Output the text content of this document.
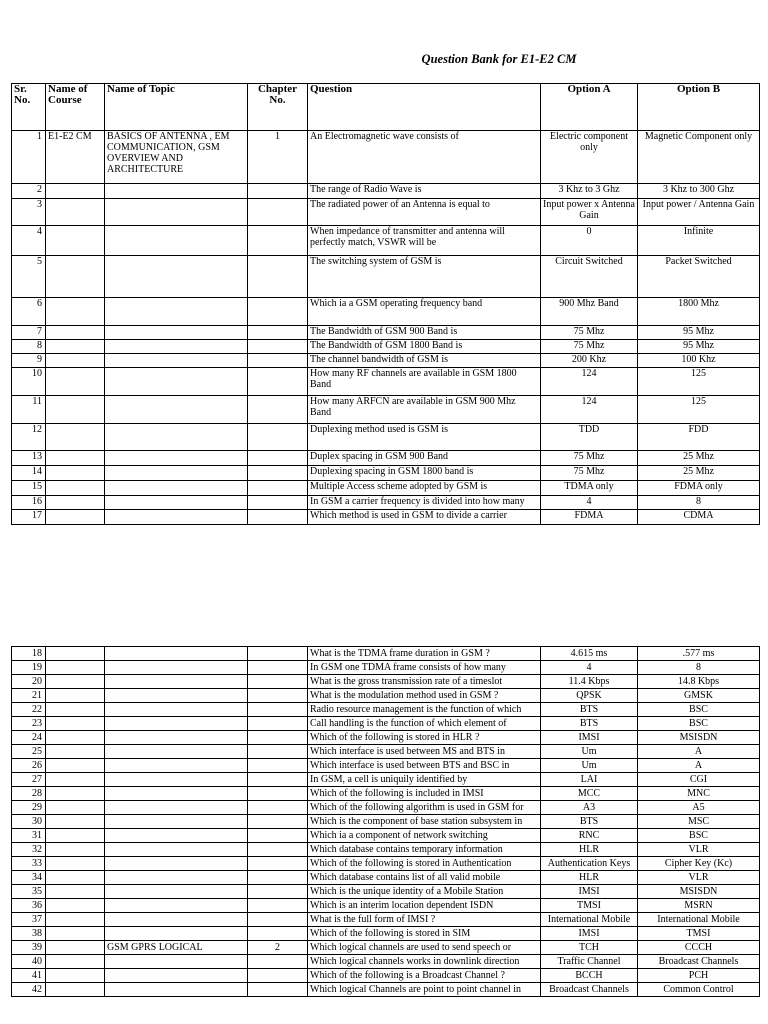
Question Bank for E1-E2 CM
Sr. No.	Name of Course	Name of Topic	Chapter No.	Question	Option A	Option B
1	E1-E2 CM	BASICS OF ANTENNA , EM COMMUNICATION, GSM OVERVIEW AND ARCHITECTURE	1	An Electromagnetic wave consists of	Electric component only	Magnetic Component only
2				The range of Radio Wave is	3 Khz to 3 Ghz	3 Khz to 300 Ghz
3				The radiated power of an Antenna is equal to	Input power x Antenna Gain	Input power / Antenna Gain
4				When impedance of transmitter and antenna will perfectly match, VSWR will be	0	Infinite
5				The switching system of GSM is	Circuit Switched	Packet Switched
6				Which ia a GSM operating frequency band	900 Mhz Band	1800 Mhz
7				The Bandwidth of GSM 900 Band is	75 Mhz	95 Mhz
8				The Bandwidth of GSM 1800 Band is	75 Mhz	95 Mhz
9				The channel bandwidth of GSM is	200 Khz	100 Khz
10				How many RF channels are available in GSM 1800 Band	124	125
11				How many ARFCN are available in GSM 900 Mhz Band	124	125
12				Duplexing method used is GSM is	TDD	FDD
13				Duplex spacing in GSM 900 Band	75 Mhz	25 Mhz
14				Duplexing spacing in GSM 1800 band is	75 Mhz	25 Mhz
15				Multiple Access scheme adopted by GSM is	TDMA only	FDMA only
16				In GSM a carrier frequency is divided into how many	4	8
17				Which method is used in GSM to divide a carrier	FDMA	CDMA
18				What is the TDMA frame duration in GSM ?	4.615 ms	.577 ms
19				In GSM one TDMA frame consists of how many	4	8
20				What is the gross transmission rate of a timeslot	11.4 Kbps	14.8 Kbps
21				What is the modulation method used in GSM ?	QPSK	GMSK
22				Radio resource management is the function of which	BTS	BSC
23				Call handling is the function of which element of	BTS	BSC
24				Which of the following is stored in HLR ?	IMSI	MSISDN
25				Which interface is used between MS and BTS in	Um	A
26				Which interface is used between BTS and BSC in	Um	A
27				In GSM, a cell is uniquily identified by	LAI	CGI
28				Which of the following is included in IMSI	MCC	MNC
29				Which of the following algorithm is used in GSM for	A3	A5
30				Which is the component of base station subsystem in	BTS	MSC
31				Which ia a component of network switching	RNC	BSC
32				Which database contains temporary information	HLR	VLR
33				Which of the following is stored in Authentication	Authentication Keys	Cipher Key (Kc)
34				Which database contains list of all valid mobile	HLR	VLR
35				Which is the unique identity of a Mobile Station	IMSI	MSISDN
36				Which is an interim location dependent ISDN	TMSI	MSRN
37				What is the full form of IMSI ?	International Mobile	International Mobile
38				Which of the following is stored in SIM	IMSI	TMSI
39		GSM GPRS LOGICAL	2	Which logical channels are used to send speech or	TCH	CCCH
40				Which logical channels works in downlink direction	Traffic Channel	Broadcast Channels
41				Which of the following is a Broadcast Channel ?	BCCH	PCH
42				Which logical Channels are point to point channel in	Broadcast Channels	Common Control
